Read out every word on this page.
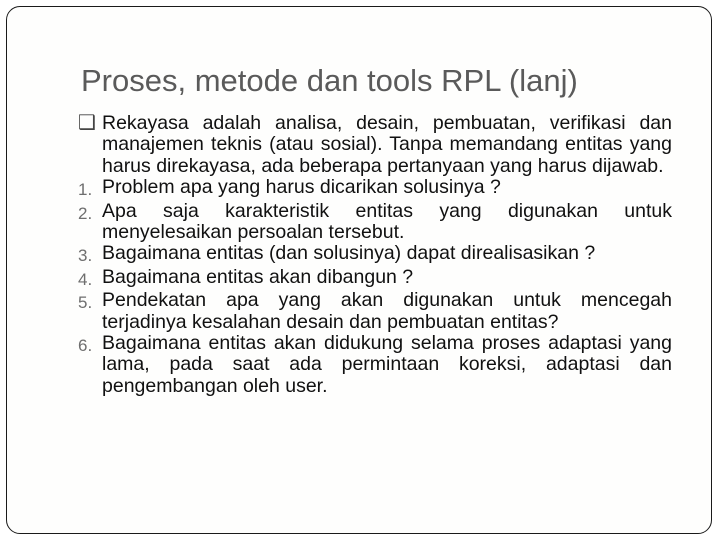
Proses, metode dan tools RPL (lanj)
❑ Rekayasa adalah analisa, desain, pembuatan, verifikasi dan manajemen teknis (atau sosial). Tanpa memandang entitas yang harus direkayasa, ada beberapa pertanyaan yang harus dijawab.
1. Problem apa yang harus dicarikan solusinya ?
2. Apa saja karakteristik entitas yang digunakan untuk menyelesaikan persoalan tersebut.
3. Bagaimana entitas (dan solusinya) dapat direalisasikan ?
4. Bagaimana entitas akan dibangun ?
5. Pendekatan apa yang akan digunakan untuk mencegah terjadinya kesalahan desain dan pembuatan entitas?
6. Bagaimana entitas akan didukung selama proses adaptasi yang lama, pada saat ada permintaan koreksi, adaptasi dan pengembangan oleh user.
